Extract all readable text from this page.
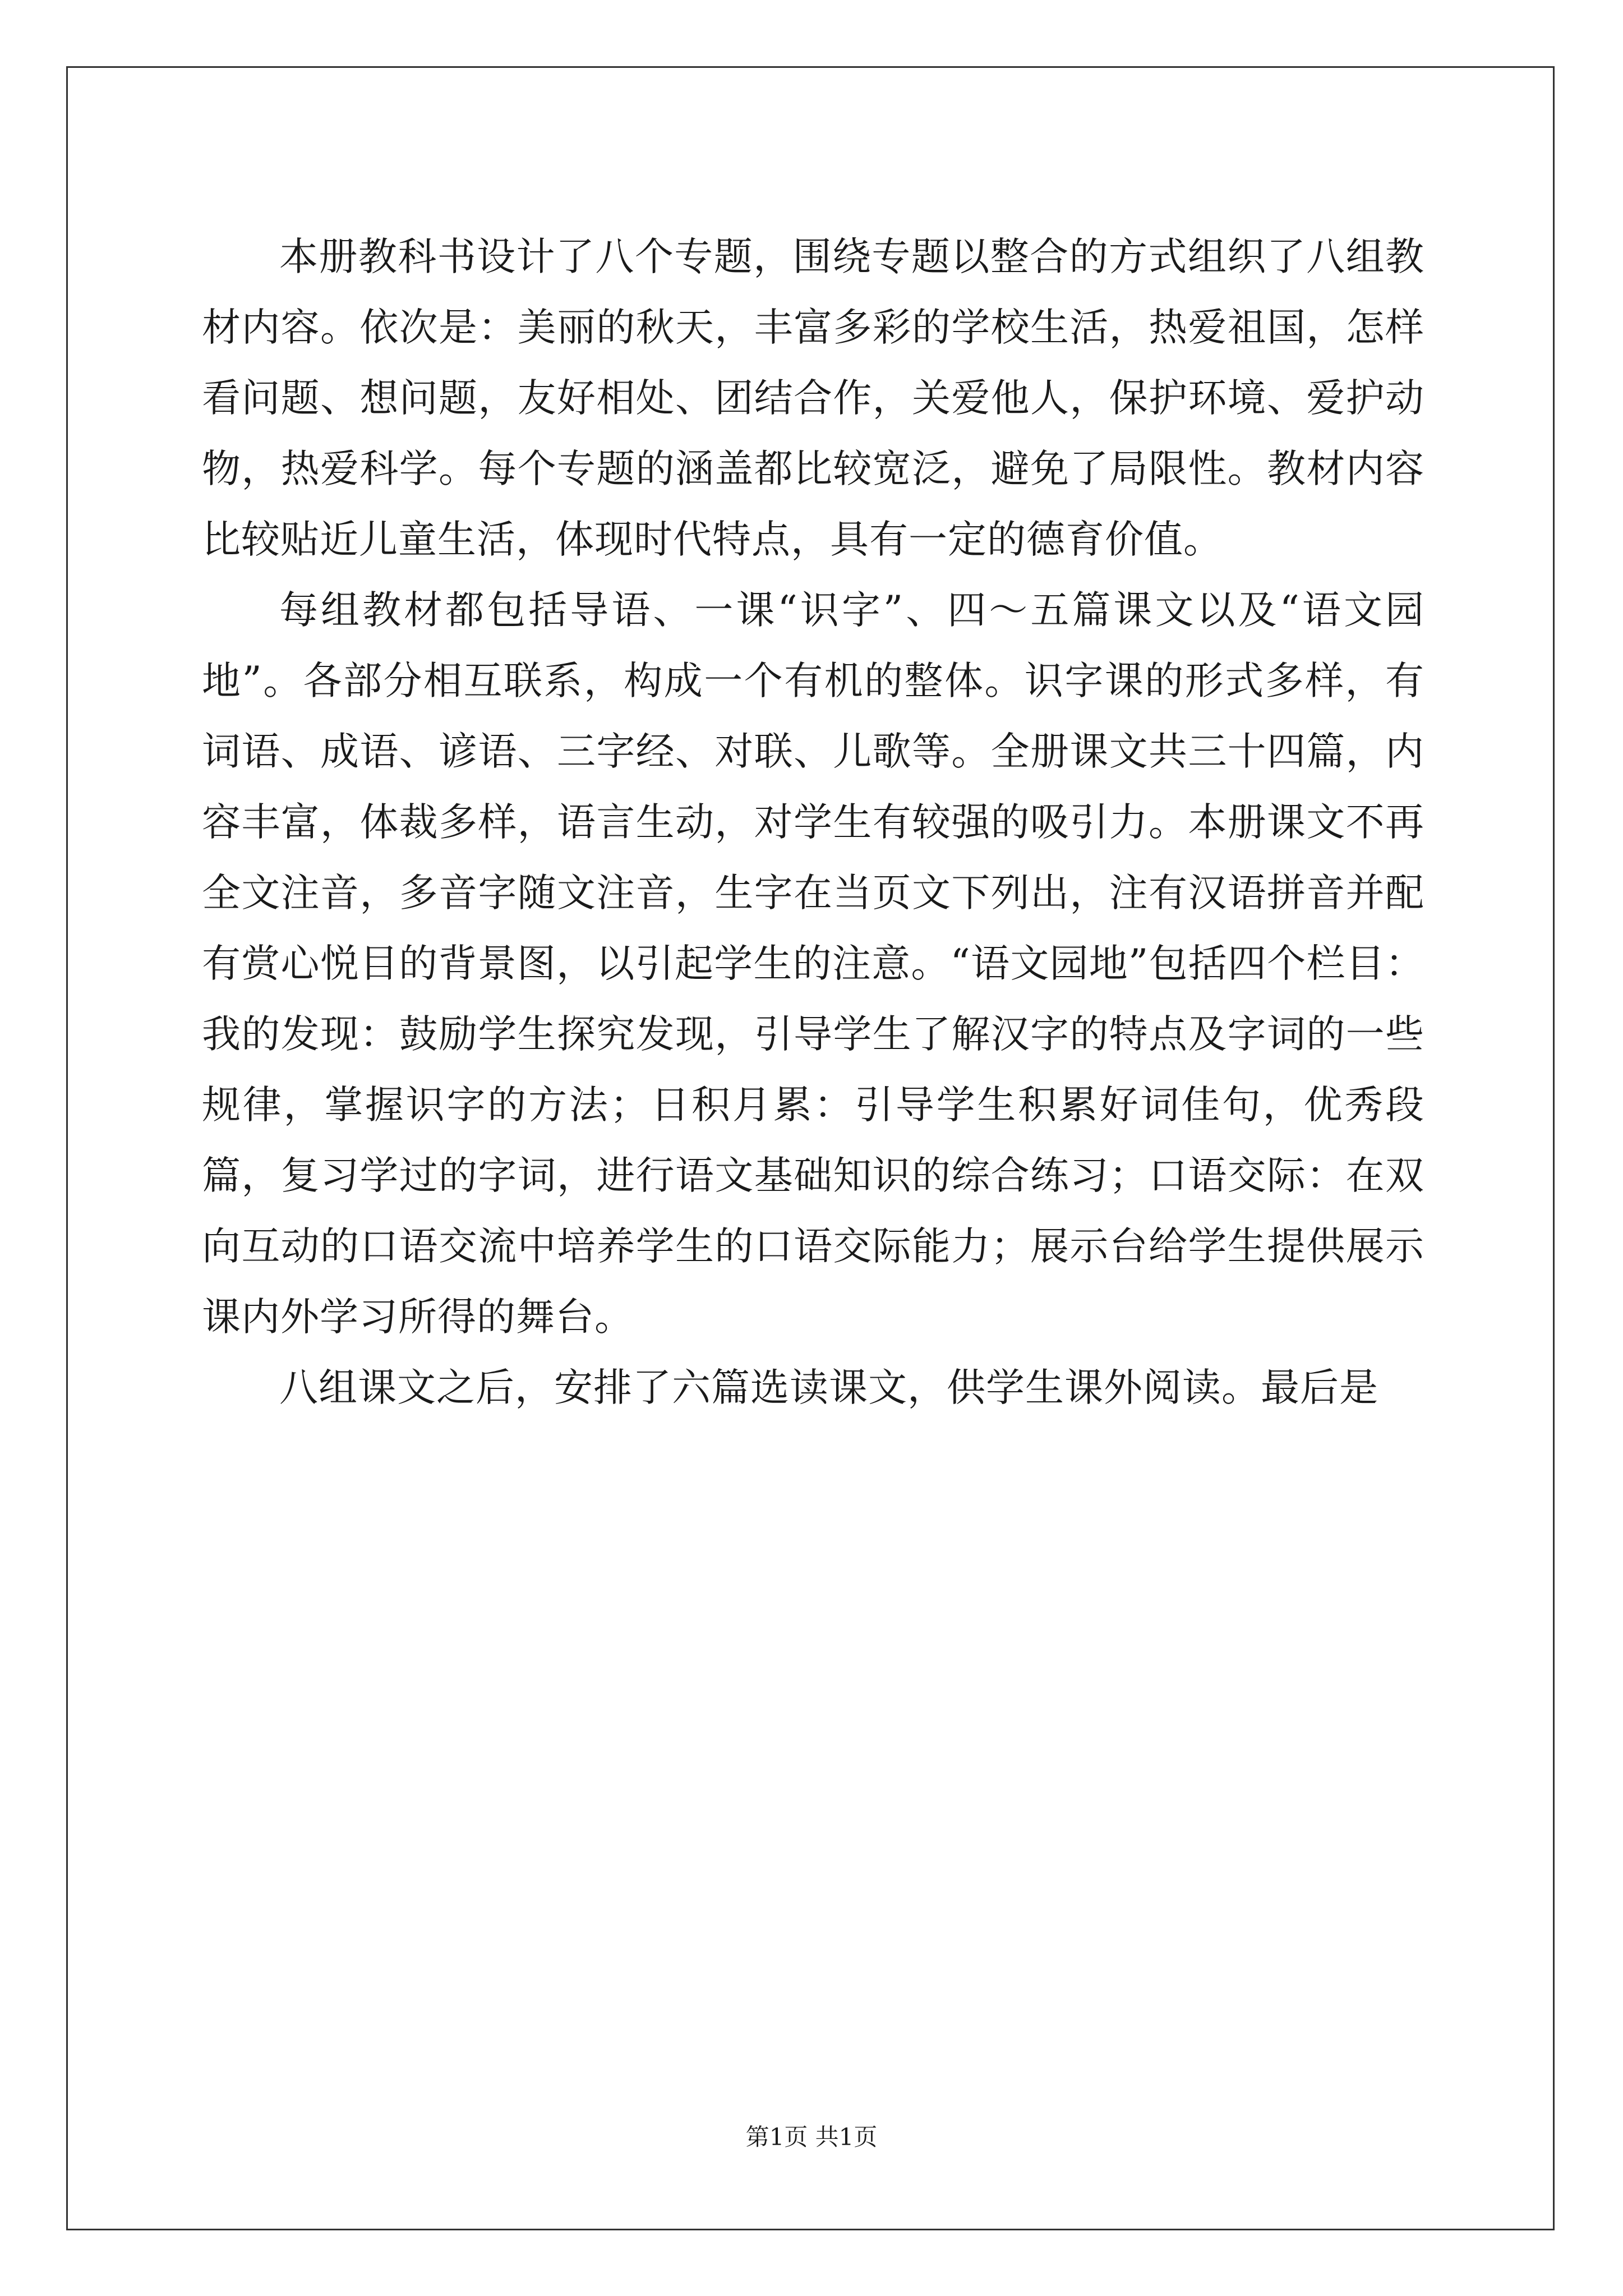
本册教科书设计了八个专题，围绕专题以整合的方式组织了八组教材内容。依次是：美丽的秋天，丰富多彩的学校生活，热爱祖国，怎样看问题、想问题，友好相处、团结合作，关爱他人，保护环境、爱护动物，热爱科学。每个专题的涵盖都比较宽泛，避免了局限性。教材内容比较贴近儿童生活，体现时代特点，具有一定的德育价值。

每组教材都包括导语、一课“识字”、四～五篇课文以及“语文园地”。各部分相互联系，构成一个有机的整体。识字课的形式多样，有词语、成语、谚语、三字经、对联、儿歌等。全册课文共三十四篇，内容丰富，体裁多样，语言生动，对学生有较强的吸引力。本册课文不再全文注音，多音字随文注音，生字在当页文下列出，注有汉语拼音并配有赏心悦目的背景图，以引起学生的注意。“语文园地”包括四个栏目：我的发现：鼓励学生探究发现，引导学生了解汉字的特点及字词的一些规律，掌握识字的方法；日积月累：引导学生积累好词佳句，优秀段篇，复习学过的字词，进行语文基础知识的综合练习；口语交际：在双向互动的口语交流中培养学生的口语交际能力；展示台给学生提供展示课内外学习所得的舞台。

八组课文之后，安排了六篇选读课文，供学生课外阅读。最后是

第1页 共1页
